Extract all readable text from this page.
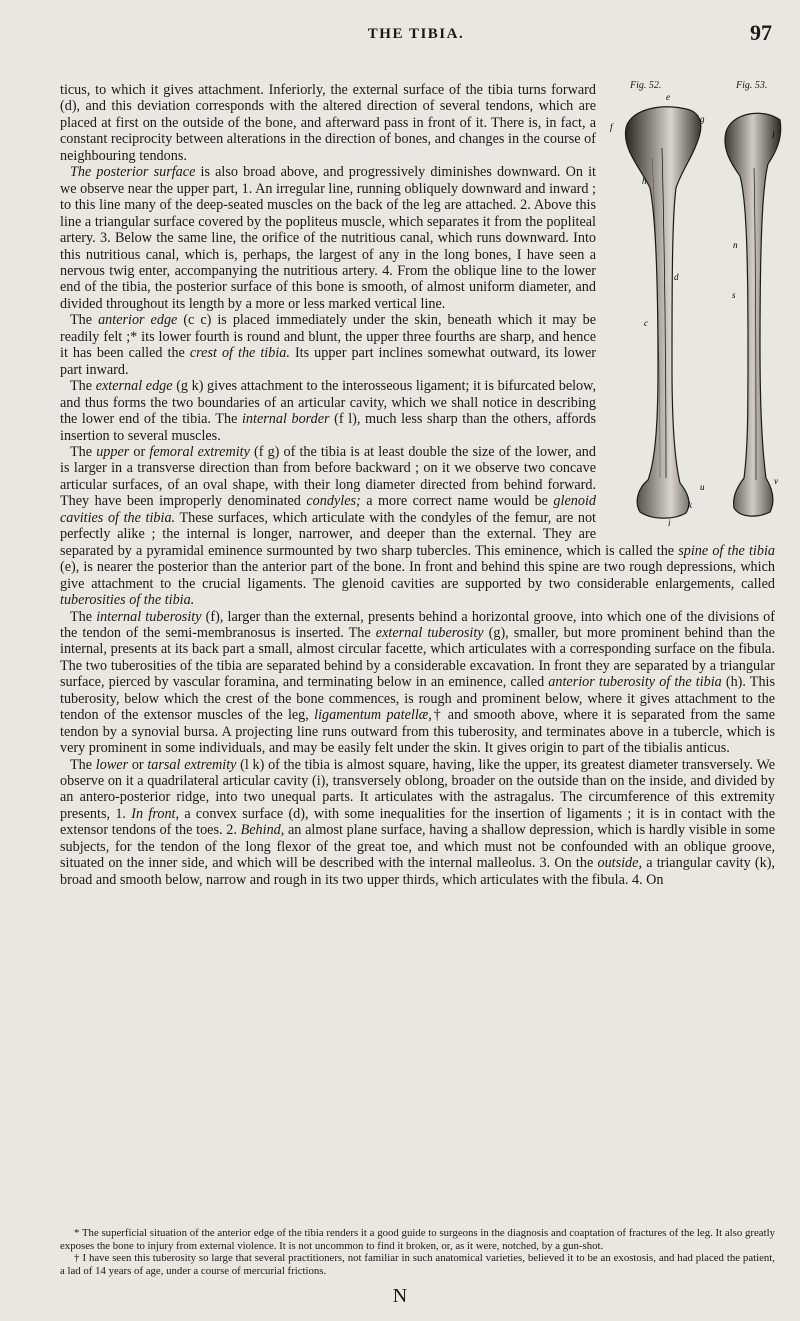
THE TIBIA.	97
Fig. 52.	Fig. 53.
e
g
f
d
i
u
h
k
c
l
n
s
v

ticus, to which it gives attachment. Inferiorly, the external surface of the tibia turns forward (d), and this deviation corresponds with the altered direction of several tendons, which are placed at first on the outside of the bone, and afterward pass in front of it. There is, in fact, a constant reciprocity between alterations in the direction of bones, and changes in the course of neighbouring tendons.

The posterior surface is also broad above, and progressively diminishes downward. On it we observe near the upper part, 1. An irregular line, running obliquely downward and inward ; to this line many of the deep-seated muscles on the back of the leg are attached. 2. Above this line a triangular surface covered by the popliteus muscle, which separates it from the popliteal artery. 3. Below the same line, the orifice of the nutritious canal, which runs downward. Into this nutritious canal, which is, perhaps, the largest of any in the long bones, I have seen a nervous twig enter, accompanying the nutritious artery. 4. From the oblique line to the lower end of the tibia, the posterior surface of this bone is smooth, of almost uniform diameter, and divided throughout its length by a more or less marked vertical line.

The anterior edge (c c) is placed immediately under the skin, beneath which it may be readily felt ;* its lower fourth is round and blunt, the upper three fourths are sharp, and hence it has been called the crest of the tibia. Its upper part inclines somewhat outward, its lower part inward.

The external edge (g k) gives attachment to the interosseous ligament; it is bifurcated below, and thus forms the two boundaries of an articular cavity, which we shall notice in describing the lower end of the tibia. The internal border (f l), much less sharp than the others, affords insertion to several muscles.

The upper or femoral extremity (f g) of the tibia is at least double the size of the lower, and is larger in a transverse direction than from before backward ; on it we observe two concave articular surfaces, of an oval shape, with their long diameter directed from behind forward. They have been improperly denominated condyles; a more correct name would be glenoid cavities of the tibia. These surfaces, which articulate with the condyles of the femur, are not perfectly alike ; the internal is longer, narrower, and deeper than the external. They are separated by a pyramidal eminence surmounted by two sharp tubercles. This eminence, which is called the spine of the tibia (e), is nearer the posterior than the anterior part of the bone. In front and behind this spine are two rough depressions, which give attachment to the crucial ligaments. The glenoid cavities are supported by two considerable enlargements, called tuberosities of the tibia.

The internal tuberosity (f), larger than the external, presents behind a horizontal groove, into which one of the divisions of the tendon of the semi-membranosus is inserted. The external tuberosity (g), smaller, but more prominent behind than the internal, presents at its back part a small, almost circular facette, which articulates with a corresponding surface on the fibula. The two tuberosities of the tibia are separated behind by a considerable excavation. In front they are separated by a triangular surface, pierced by vascular foramina, and terminating below in an eminence, called anterior tuberosity of the tibia (h). This tuberosity, below which the crest of the bone commences, is rough and prominent below, where it gives attachment to the tendon of the extensor muscles of the leg, ligamentum patellæ,† and smooth above, where it is separated from the same tendon by a synovial bursa. A projecting line runs outward from this tuberosity, and terminates above in a tubercle, which is very prominent in some individuals, and may be easily felt under the skin. It gives origin to part of the tibialis anticus.

The lower or tarsal extremity (l k) of the tibia is almost square, having, like the upper, its greatest diameter transversely. We observe on it a quadrilateral articular cavity (i), transversely oblong, broader on the outside than on the inside, and divided by an antero-posterior ridge, into two unequal parts. It articulates with the astragalus. The circumference of this extremity presents, 1. In front, a convex surface (d), with some inequalities for the insertion of ligaments ; it is in contact with the extensor tendons of the toes. 2. Behind, an almost plane surface, having a shallow depression, which is hardly visible in some subjects, for the tendon of the long flexor of the great toe, and which must not be confounded with an oblique groove, situated on the inner side, and which will be described with the internal malleolus. 3. On the outside, a triangular cavity (k), broad and smooth below, narrow and rough in its two upper thirds, which articulates with the fibula. 4. On

* The superficial situation of the anterior edge of the tibia renders it a good guide to surgeons in the diagnosis and coaptation of fractures of the leg. It also greatly exposes the bone to injury from external violence. It is not uncommon to find it broken, or, as it were, notched, by a gun-shot.

† I have seen this tuberosity so large that several practitioners, not familiar in such anatomical varieties, believed it to be an exostosis, and had placed the patient, a lad of 14 years of age, under a course of mercurial frictions.

N
